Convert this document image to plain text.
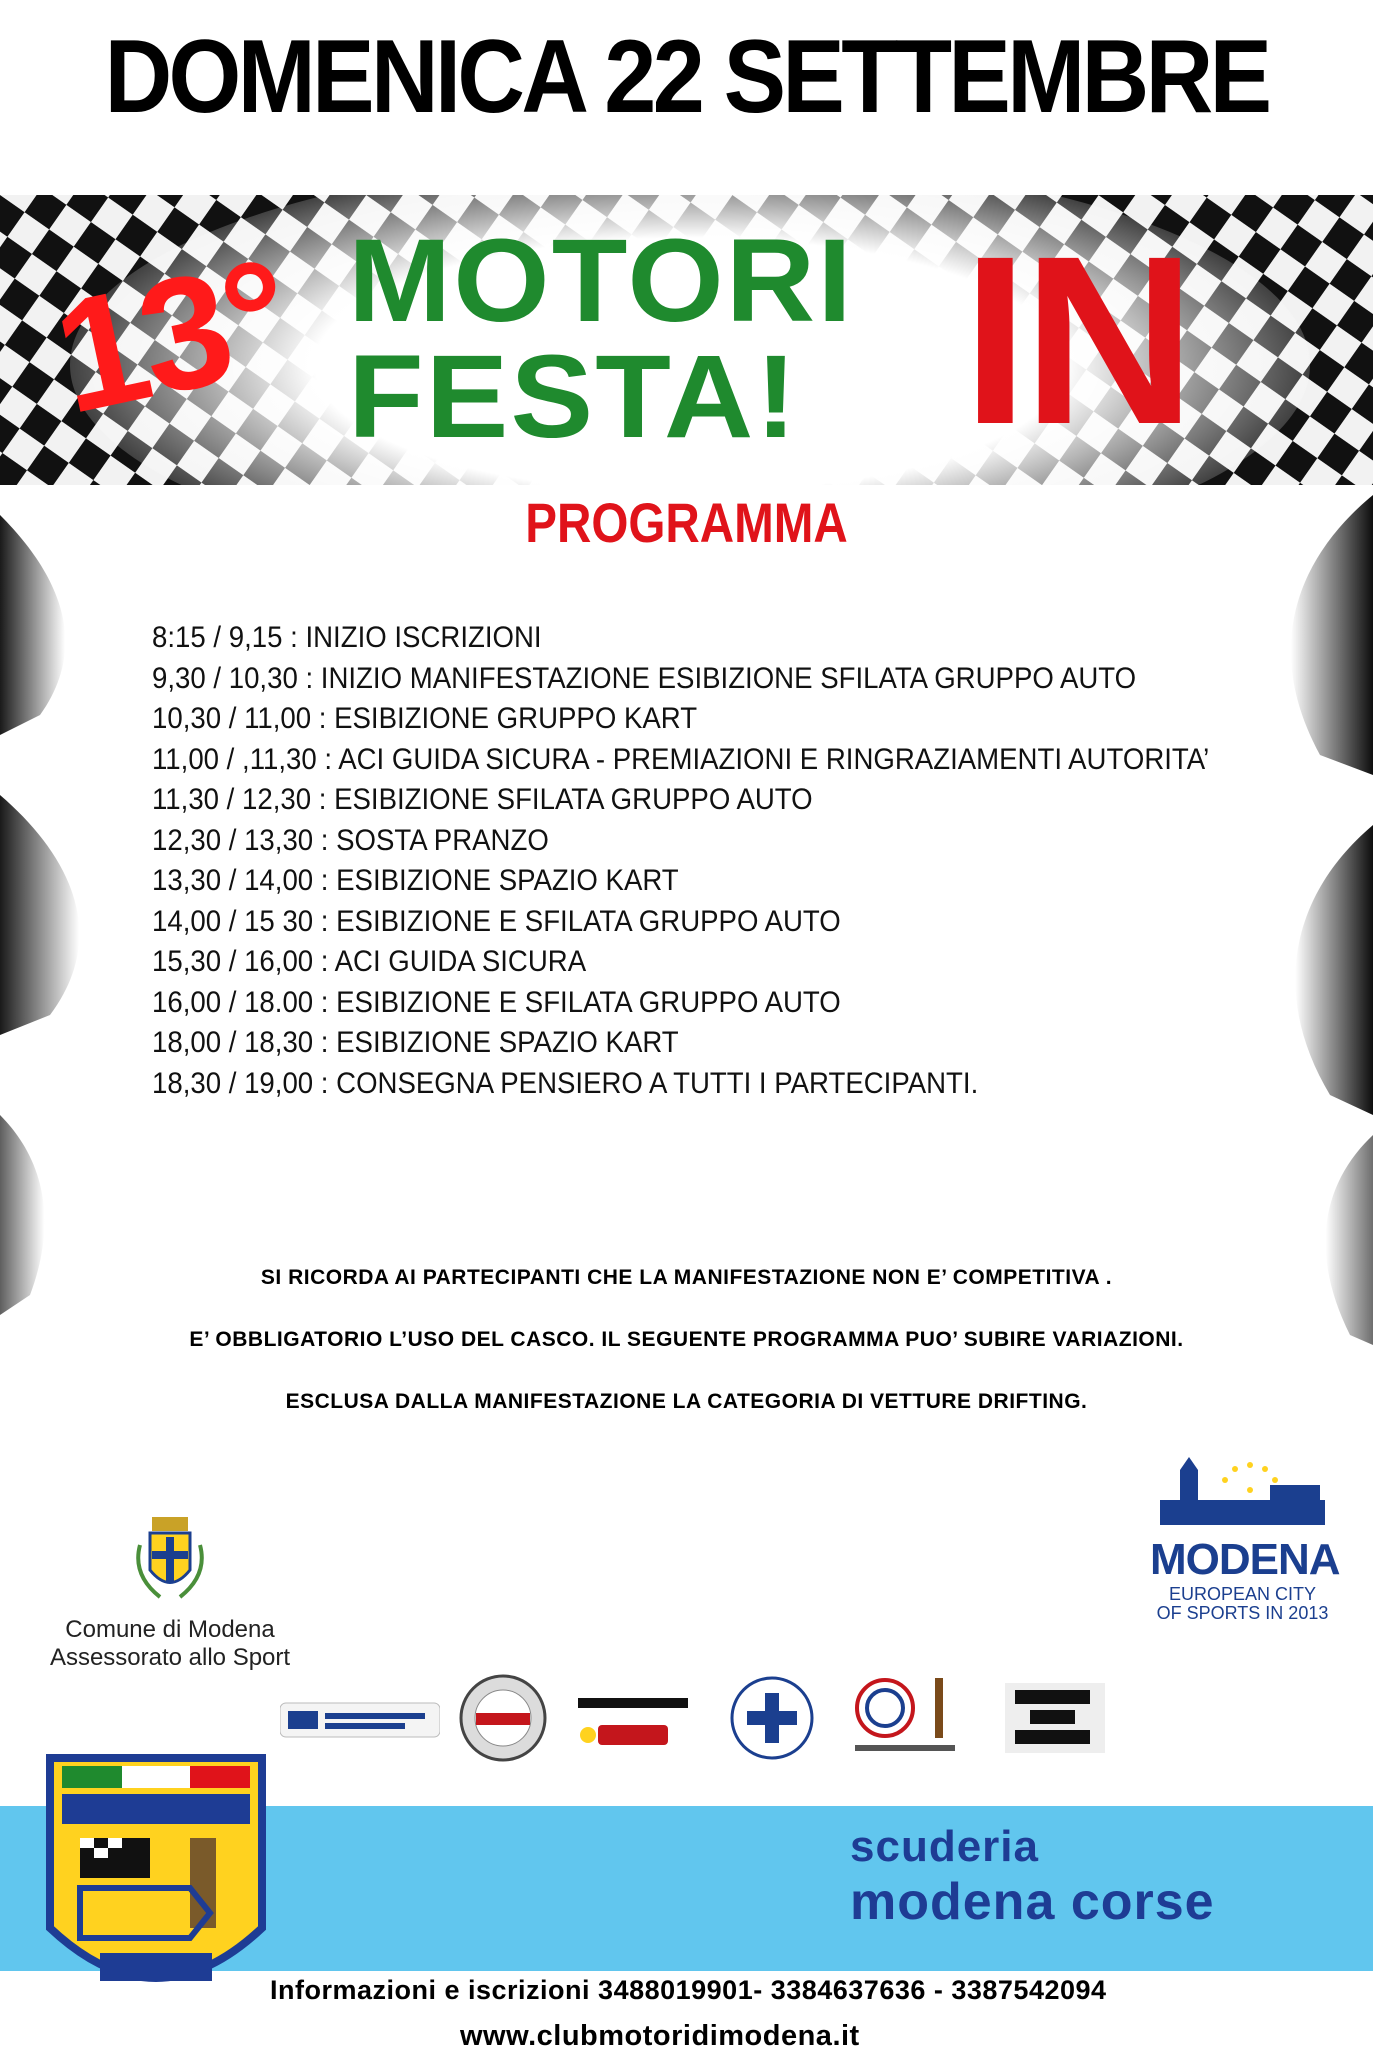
DOMENICA 22 SETTEMBRE
13° MOTORI
FESTA! IN
PROGRAMMA
8:15 / 9,15 : INIZIO ISCRIZIONI
9,30 / 10,30 : INIZIO MANIFESTAZIONE ESIBIZIONE SFILATA GRUPPO AUTO
10,30 / 11,00 : ESIBIZIONE GRUPPO KART
11,00 / ,11,30 : ACI GUIDA SICURA - PREMIAZIONI E RINGRAZIAMENTI AUTORITA’
11,30 / 12,30 : ESIBIZIONE SFILATA GRUPPO AUTO
12,30 / 13,30 : SOSTA PRANZO
13,30 / 14,00 : ESIBIZIONE SPAZIO KART
14,00 / 15 30 : ESIBIZIONE E SFILATA GRUPPO AUTO
15,30 / 16,00 : ACI GUIDA SICURA
16,00 / 18.00 : ESIBIZIONE E SFILATA GRUPPO AUTO
18,00 / 18,30 : ESIBIZIONE SPAZIO KART
18,30 / 19,00 : CONSEGNA PENSIERO A TUTTI I PARTECIPANTI.
SI RICORDA AI PARTECIPANTI CHE LA MANIFESTAZIONE NON E’ COMPETITIVA .
E’ OBBLIGATORIO L’USO DEL CASCO. IL SEGUENTE PROGRAMMA PUO’ SUBIRE VARIAZIONI.
ESCLUSA DALLA MANIFESTAZIONE LA CATEGORIA DI VETTURE DRIFTING.
Comune di Modena
Assessorato allo Sport
MODENA
EUROPEAN CITY
OF SPORTS IN 2013
scuderia
modena corse
Informazioni e iscrizioni 3488019901- 3384637636 - 3387542094
www.clubmotoridimodena.it
